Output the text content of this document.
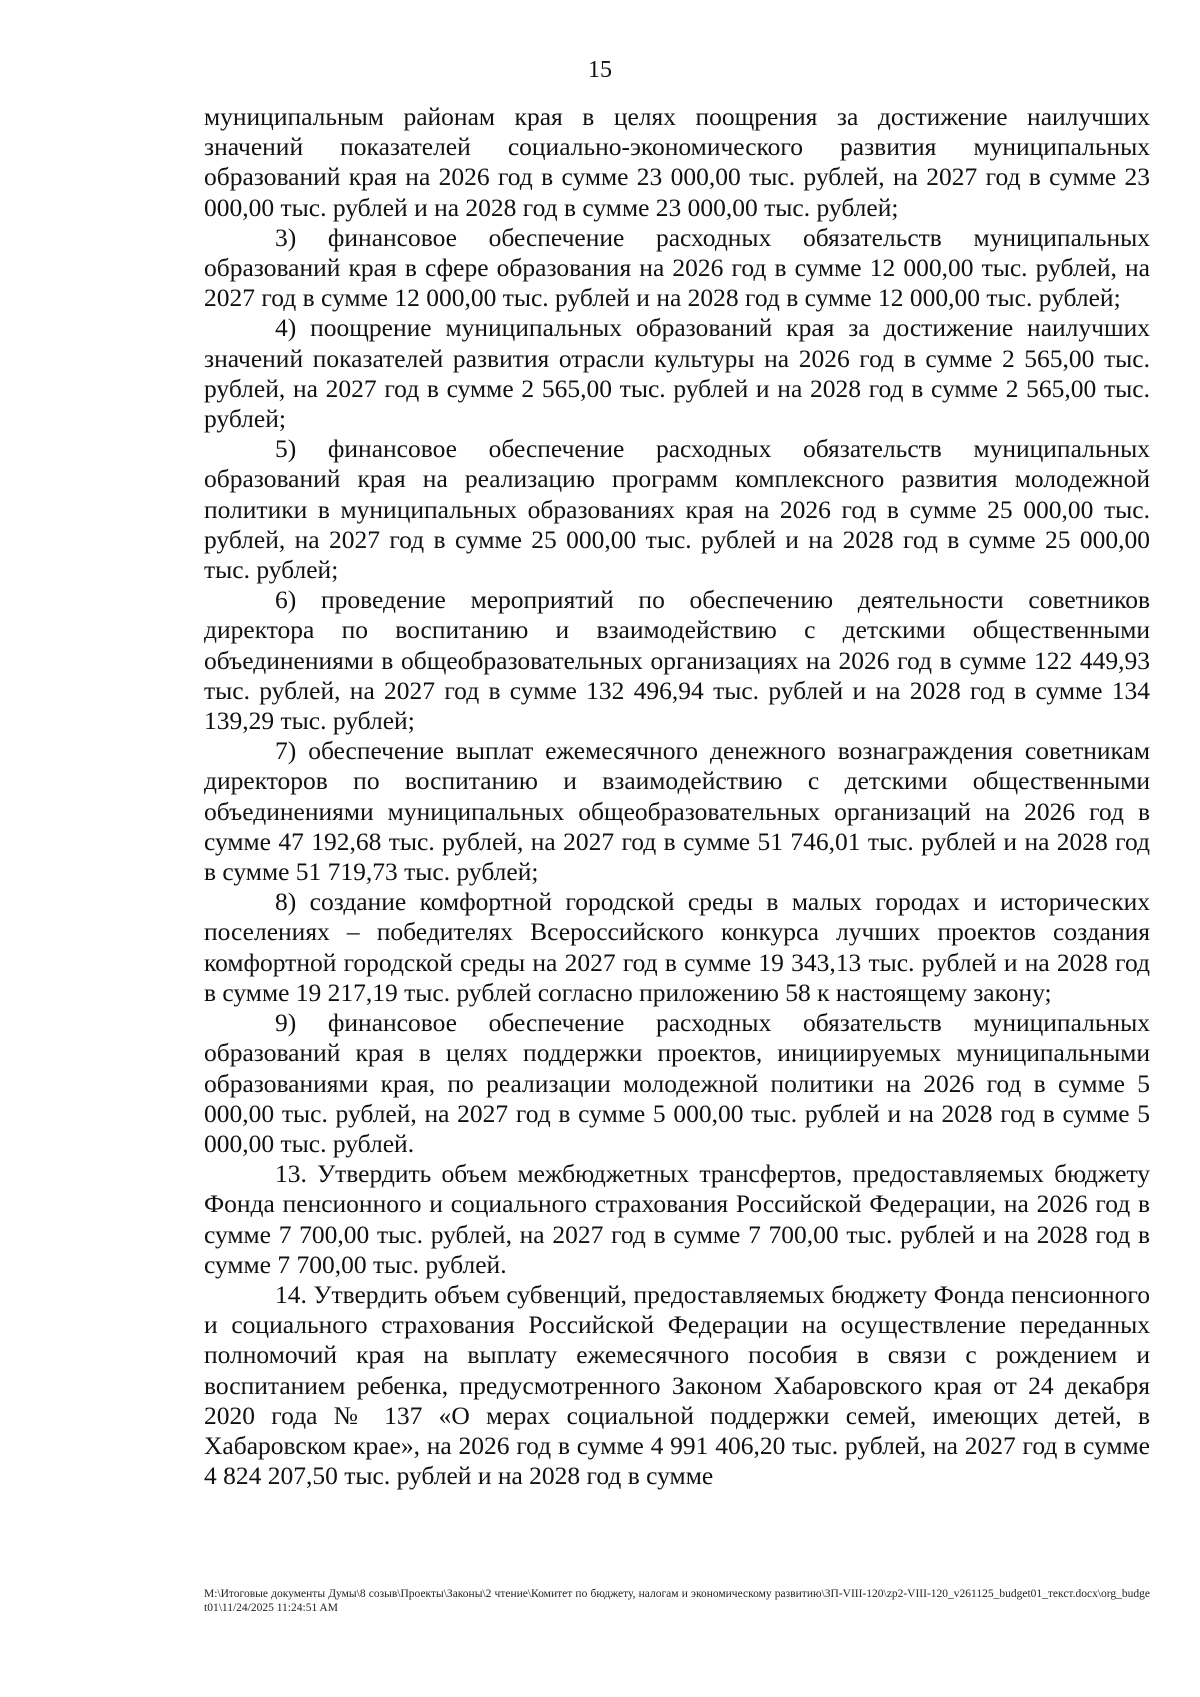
15

муниципальным районам края в целях поощрения за достижение наилучших значений показателей социально-экономического развития муниципальных образований края на 2026 год в сумме 23 000,00 тыс. рублей, на 2027 год в сумме 23 000,00 тыс. рублей и на 2028 год в сумме 23 000,00 тыс. рублей;

3) финансовое обеспечение расходных обязательств муниципальных образований края в сфере образования на 2026 год в сумме 12 000,00 тыс. рублей, на 2027 год в сумме 12 000,00 тыс. рублей и на 2028 год в сумме 12 000,00 тыс. рублей;

4) поощрение муниципальных образований края за достижение наилучших значений показателей развития отрасли культуры на 2026 год в сумме 2 565,00 тыс. рублей, на 2027 год в сумме 2 565,00 тыс. рублей и на 2028 год в сумме 2 565,00 тыс. рублей;

5) финансовое обеспечение расходных обязательств муниципальных образований края на реализацию программ комплексного развития молодежной политики в муниципальных образованиях края на 2026 год в сумме 25 000,00 тыс. рублей, на 2027 год в сумме 25 000,00 тыс. рублей и на 2028 год в сумме 25 000,00 тыс. рублей;

6) проведение мероприятий по обеспечению деятельности советников директора по воспитанию и взаимодействию с детскими общественными объединениями в общеобразовательных организациях на 2026 год в сумме 122 449,93 тыс. рублей, на 2027 год в сумме 132 496,94 тыс. рублей и на 2028 год в сумме 134 139,29 тыс. рублей;

7) обеспечение выплат ежемесячного денежного вознаграждения советникам директоров по воспитанию и взаимодействию с детскими общественными объединениями муниципальных общеобразовательных организаций на 2026 год в сумме 47 192,68 тыс. рублей, на 2027 год в сумме 51 746,01 тыс. рублей и на 2028 год в сумме 51 719,73 тыс. рублей;

8) создание комфортной городской среды в малых городах и исторических поселениях – победителях Всероссийского конкурса лучших проектов создания комфортной городской среды на 2027 год в сумме 19 343,13 тыс. рублей и на 2028 год в сумме 19 217,19 тыс. рублей согласно приложению 58 к настоящему закону;

9) финансовое обеспечение расходных обязательств муниципальных образований края в целях поддержки проектов, инициируемых муниципальными образованиями края, по реализации молодежной политики на 2026 год в сумме 5 000,00 тыс. рублей, на 2027 год в сумме 5 000,00 тыс. рублей и на 2028 год в сумме 5 000,00 тыс. рублей.

13. Утвердить объем межбюджетных трансфертов, предоставляемых бюджету Фонда пенсионного и социального страхования Российской Федерации, на 2026 год в сумме 7 700,00 тыс. рублей, на 2027 год в сумме 7 700,00 тыс. рублей и на 2028 год в сумме 7 700,00 тыс. рублей.

14. Утвердить объем субвенций, предоставляемых бюджету Фонда пенсионного и социального страхования Российской Федерации на осуществление переданных полномочий края на выплату ежемесячного пособия в связи с рождением и воспитанием ребенка, предусмотренного Законом Хабаровского края от 24 декабря 2020 года № 137 «О мерах социальной поддержки семей, имеющих детей, в Хабаровском крае», на 2026 год в сумме 4 991 406,20 тыс. рублей, на 2027 год в сумме 4 824 207,50 тыс. рублей и на 2028 год в сумме

M:\Итоговые документы Думы\8 созыв\Проекты\Законы\2 чтение\Комитет по бюджету, налогам и экономическому развитию\ЗП-VIII-120\zp2-VIII-120_v261125_budget01_текст.docx\org_budget01\11/24/2025 11:24:51 AM
